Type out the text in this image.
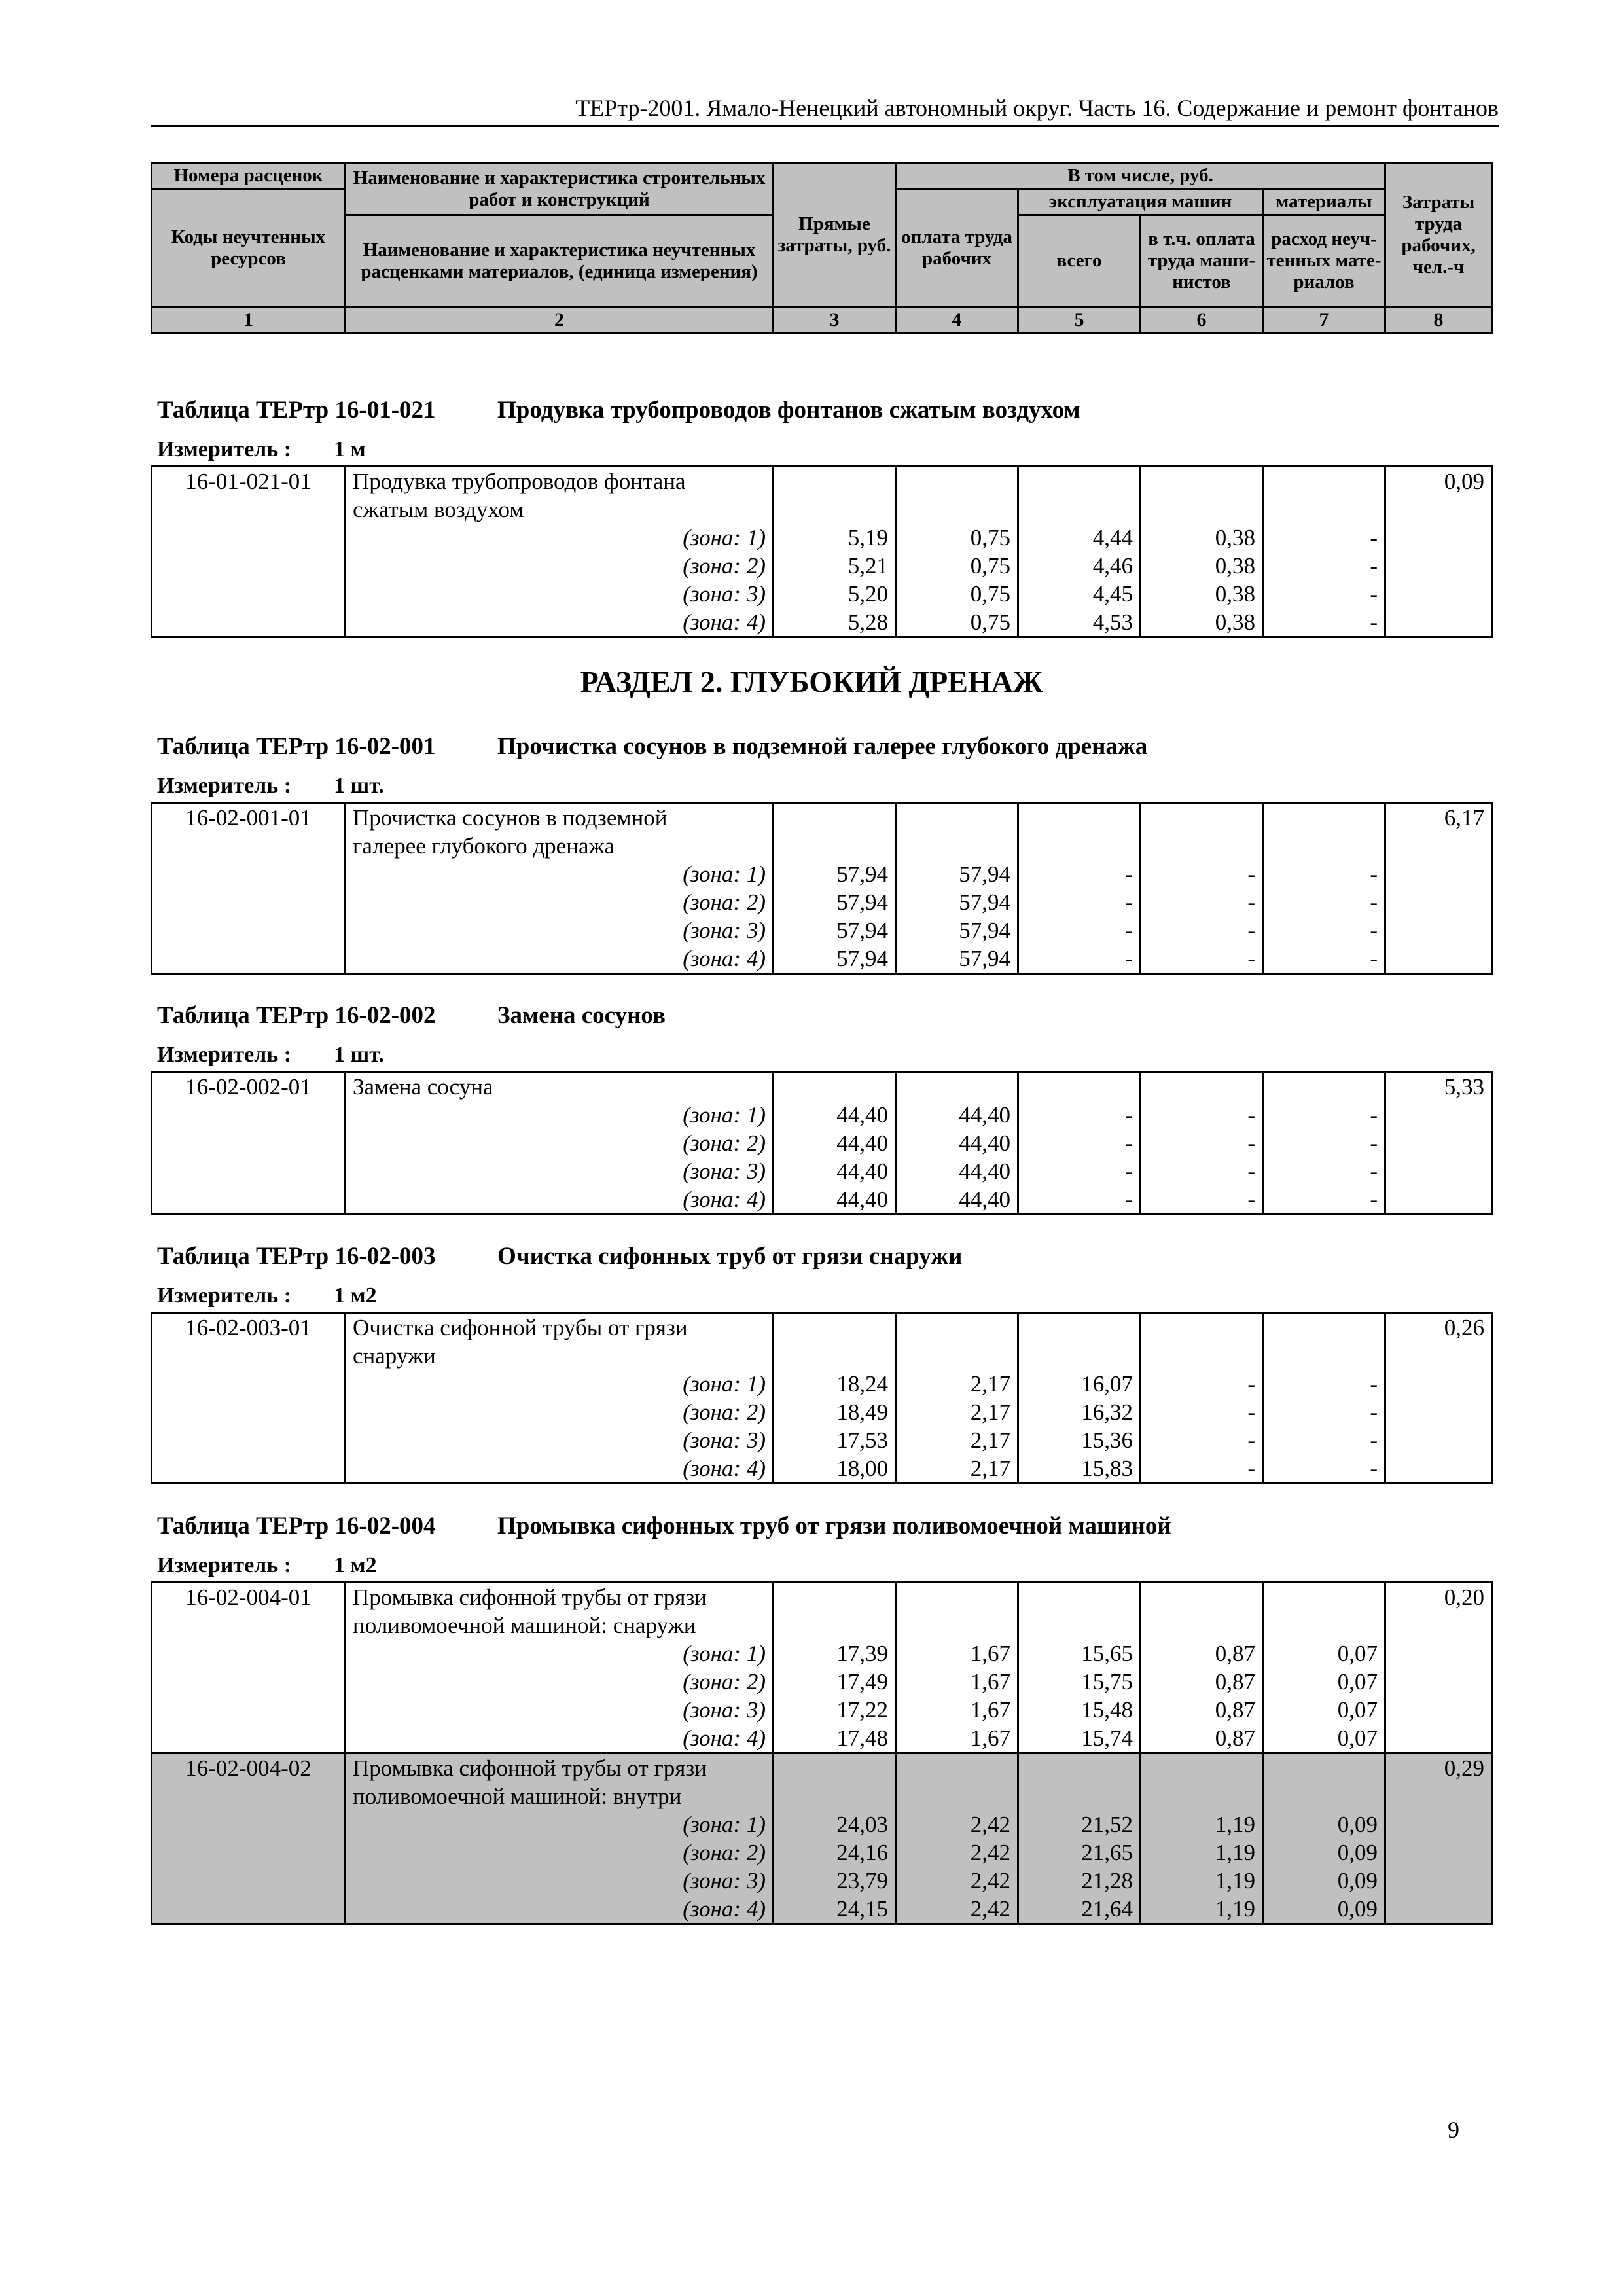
ТЕРтр-2001. Ямало-Ненецкий автономный округ. Часть 16. Содержание и ремонт фонтанов
Номера расценок	Наименование и характеристика строительных работ и конструкций	Прямые затраты, руб.	В том числе, руб.				Затраты труда рабочих, чел.-ч
Коды неучтенных ресурсов			оплата труда рабочих	эксплуатация машин		материалы	
	Наименование и характеристика неучтенных расценками материалов, (единица измерения)			всего	в т.ч. оплата труда маши-нистов	расход неуч-тенных мате-риалов	

1	2	3	4	5	6	7	8
Таблица ТЕРтр 16-01-021	Продувка трубопроводов фонтанов сжатым воздухом
Измеритель : 1 м
16-01-021-01	Продувка трубопроводов фонтана						0,09
	сжатым воздухом						
	(зона: 1)	5,19	0,75	4,44	0,38	-	
	(зона: 2)	5,21	0,75	4,46	0,38	-	
	(зона: 3)	5,20	0,75	4,45	0,38	-	
	(зона: 4)	5,28	0,75	4,53	0,38	-	
РАЗДЕЛ 2. ГЛУБОКИЙ ДРЕНАЖ
Таблица ТЕРтр 16-02-001	Прочистка сосунов в подземной галерее глубокого дренажа
Измеритель : 1 шт.
16-02-001-01	Прочистка сосунов в подземной						6,17
	галерее глубокого дренажа						
	(зона: 1)	57,94	57,94	-	-	-	
	(зона: 2)	57,94	57,94	-	-	-	
	(зона: 3)	57,94	57,94	-	-	-	
	(зона: 4)	57,94	57,94	-	-	-	
Таблица ТЕРтр 16-02-002	Замена сосунов
Измеритель : 1 шт.
16-02-002-01	Замена сосуна						5,33
	(зона: 1)	44,40	44,40	-	-	-	
	(зона: 2)	44,40	44,40	-	-	-	
	(зона: 3)	44,40	44,40	-	-	-	
	(зона: 4)	44,40	44,40	-	-	-	
Таблица ТЕРтр 16-02-003	Очистка сифонных труб от грязи снаружи
Измеритель : 1 м2
16-02-003-01	Очистка сифонной трубы от грязи						0,26
	снаружи						
	(зона: 1)	18,24	2,17	16,07	-	-	
	(зона: 2)	18,49	2,17	16,32	-	-	
	(зона: 3)	17,53	2,17	15,36	-	-	
	(зона: 4)	18,00	2,17	15,83	-	-	
Таблица ТЕРтр 16-02-004	Промывка сифонных труб от грязи поливомоечной машиной
Измеритель : 1 м2
16-02-004-01	Промывка сифонной трубы от грязи						0,20
	поливомоечной машиной: снаружи						
	(зона: 1)	17,39	1,67	15,65	0,87	0,07	
	(зона: 2)	17,49	1,67	15,75	0,87	0,07	
	(зона: 3)	17,22	1,67	15,48	0,87	0,07	
	(зона: 4)	17,48	1,67	15,74	0,87	0,07	
16-02-004-02	Промывка сифонной трубы от грязи						0,29
	поливомоечной машиной: внутри						
	(зона: 1)	24,03	2,42	21,52	1,19	0,09	
	(зона: 2)	24,16	2,42	21,65	1,19	0,09	
	(зона: 3)	23,79	2,42	21,28	1,19	0,09	
	(зона: 4)	24,15	2,42	21,64	1,19	0,09	
9
